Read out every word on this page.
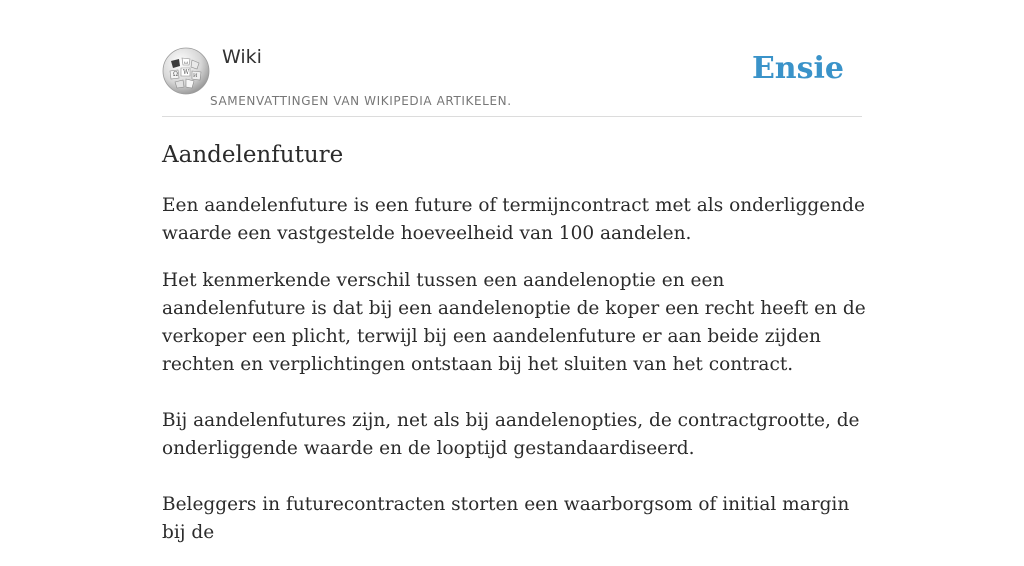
Ω W И
ω Wiki
SAMENVATTINGEN VAN WIKIPEDIA ARTIKELEN.
Ensie
Aandelenfuture

Een aandelenfuture is een future of termijncontract met als onderliggende waarde een vastgestelde hoeveelheid van 100 aandelen.

Het kenmerkende verschil tussen een aandelenoptie en een aandelenfuture is dat bij een aandelenoptie de koper een recht heeft en de verkoper een plicht, terwijl bij een aandelenfuture er aan beide zijden rechten en verplichtingen ontstaan bij het sluiten van het contract.

Bij aandelenfutures zijn, net als bij aandelenopties, de contractgrootte, de onderliggende waarde en de looptijd gestandaardiseerd.

Beleggers in futurecontracten storten een waarborgsom of initial margin bij de
